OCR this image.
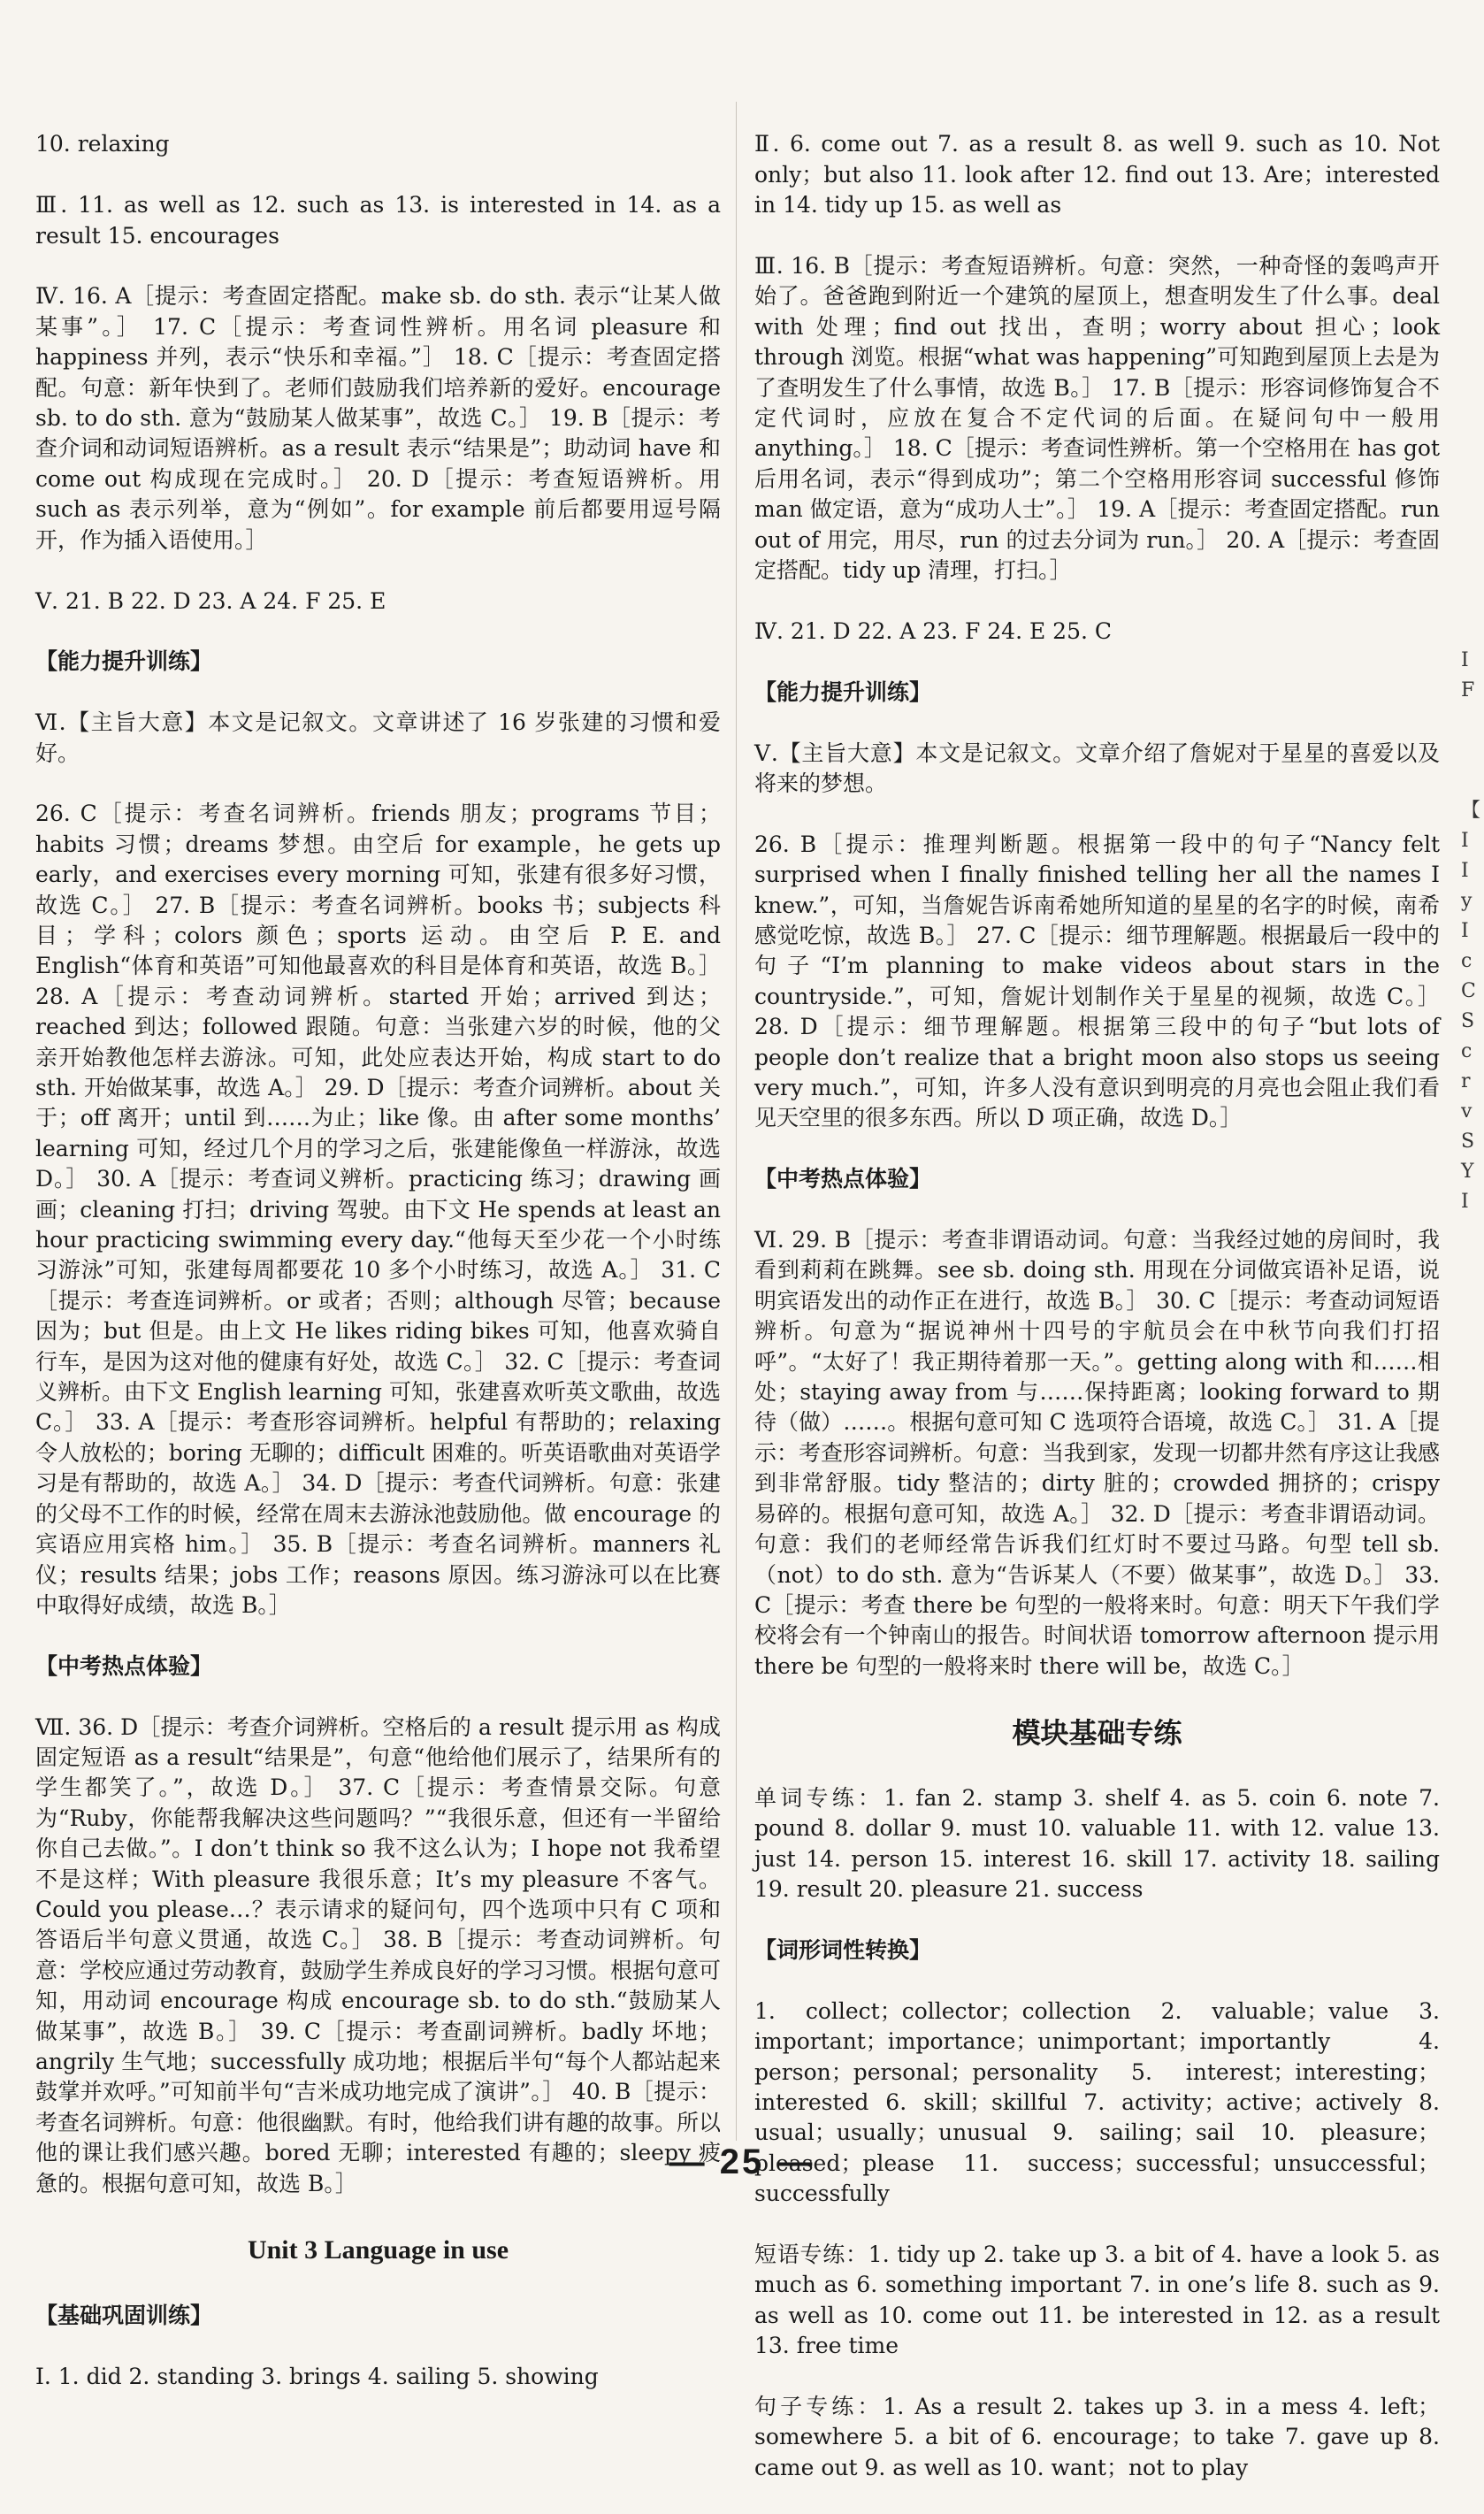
10. relaxing

Ⅲ. 11. as well as 12. such as 13. is interested in 14. as a result 15. encourages

Ⅳ. 16. A［提示：考查固定搭配。make sb. do sth. 表示“让某人做某事”。］ 17. C［提示：考查词性辨析。用名词 pleasure 和 happiness 并列，表示“快乐和幸福。”］ 18. C［提示：考查固定搭配。句意：新年快到了。老师们鼓励我们培养新的爱好。encourage sb. to do sth. 意为“鼓励某人做某事”，故选 C。］ 19. B［提示：考查介词和动词短语辨析。as a result 表示“结果是”；助动词 have 和 come out 构成现在完成时。］ 20. D［提示：考查短语辨析。用 such as 表示列举，意为“例如”。for example 前后都要用逗号隔开，作为插入语使用。］

Ⅴ. 21. B 22. D 23. A 24. F 25. E

【能力提升训练】

Ⅵ.【主旨大意】本文是记叙文。文章讲述了 16 岁张建的习惯和爱好。

26. C［提示：考查名词辨析。friends 朋友；programs 节目；habits 习惯；dreams 梦想。由空后 for example，he gets up early，and exercises every morning 可知，张建有很多好习惯，故选 C。］ 27. B［提示：考查名词辨析。books 书；subjects 科目；学科；colors 颜色；sports 运动。由空后 P. E. and English“体育和英语”可知他最喜欢的科目是体育和英语，故选 B。］ 28. A［提示：考查动词辨析。started 开始；arrived 到达；reached 到达；followed 跟随。句意：当张建六岁的时候，他的父亲开始教他怎样去游泳。可知，此处应表达开始，构成 start to do sth. 开始做某事，故选 A。］ 29. D［提示：考查介词辨析。about 关于；off 离开；until 到……为止；like 像。由 after some months’ learning 可知，经过几个月的学习之后，张建能像鱼一样游泳，故选 D。］ 30. A［提示：考查词义辨析。practicing 练习；drawing 画画；cleaning 打扫；driving 驾驶。由下文 He spends at least an hour practicing swimming every day.“他每天至少花一个小时练习游泳”可知，张建每周都要花 10 多个小时练习，故选 A。］ 31. C［提示：考查连词辨析。or 或者；否则；although 尽管；because 因为；but 但是。由上文 He likes riding bikes 可知，他喜欢骑自行车，是因为这对他的健康有好处，故选 C。］ 32. C［提示：考查词义辨析。由下文 English learning 可知，张建喜欢听英文歌曲，故选 C。］ 33. A［提示：考查形容词辨析。helpful 有帮助的；relaxing 令人放松的；boring 无聊的；difficult 困难的。听英语歌曲对英语学习是有帮助的，故选 A。］ 34. D［提示：考查代词辨析。句意：张建的父母不工作的时候，经常在周末去游泳池鼓励他。做 encourage 的宾语应用宾格 him。］ 35. B［提示：考查名词辨析。manners 礼仪；results 结果；jobs 工作；reasons 原因。练习游泳可以在比赛中取得好成绩，故选 B。］

【中考热点体验】

Ⅶ. 36. D［提示：考查介词辨析。空格后的 a result 提示用 as 构成固定短语 as a result“结果是”，句意“他给他们展示了，结果所有的学生都笑了。”，故选 D。］ 37. C［提示：考查情景交际。句意为“Ruby，你能帮我解决这些问题吗？”“我很乐意，但还有一半留给你自己去做。”。I don’t think so 我不这么认为；I hope not 我希望不是这样；With pleasure 我很乐意；It’s my pleasure 不客气。Could you please…？表示请求的疑问句，四个选项中只有 C 项和答语后半句意义贯通，故选 C。］ 38. B［提示：考查动词辨析。句意：学校应通过劳动教育，鼓励学生养成良好的学习习惯。根据句意可知，用动词 encourage 构成 encourage sb. to do sth.“鼓励某人做某事”，故选 B。］ 39. C［提示：考查副词辨析。badly 坏地；angrily 生气地；successfully 成功地；根据后半句“每个人都站起来鼓掌并欢呼。”可知前半句“吉米成功地完成了演讲”。］ 40. B［提示：考查名词辨析。句意：他很幽默。有时，他给我们讲有趣的故事。所以他的课让我们感兴趣。bored 无聊；interested 有趣的；sleepy 疲惫的。根据句意可知，故选 B。］

Unit 3 Language in use

【基础巩固训练】

Ⅰ. 1. did 2. standing 3. brings 4. sailing 5. showing

Ⅱ. 6. come out 7. as a result 8. as well 9. such as 10. Not only；but also 11. look after 12. find out 13. Are；interested in 14. tidy up 15. as well as

Ⅲ. 16. B［提示：考查短语辨析。句意：突然，一种奇怪的轰鸣声开始了。爸爸跑到附近一个建筑的屋顶上，想查明发生了什么事。deal with 处理；find out 找出，查明；worry about 担心；look through 浏览。根据“what was happening”可知跑到屋顶上去是为了查明发生了什么事情，故选 B。］ 17. B［提示：形容词修饰复合不定代词时，应放在复合不定代词的后面。在疑问句中一般用 anything。］ 18. C［提示：考查词性辨析。第一个空格用在 has got 后用名词，表示“得到成功”；第二个空格用形容词 successful 修饰 man 做定语，意为“成功人士”。］ 19. A［提示：考查固定搭配。run out of 用完，用尽，run 的过去分词为 run。］ 20. A［提示：考查固定搭配。tidy up 清理，打扫。］

Ⅳ. 21. D 22. A 23. F 24. E 25. C

【能力提升训练】

Ⅴ.【主旨大意】本文是记叙文。文章介绍了詹妮对于星星的喜爱以及将来的梦想。

26. B［提示：推理判断题。根据第一段中的句子“Nancy felt surprised when I finally finished telling her all the names I knew.”，可知，当詹妮告诉南希她所知道的星星的名字的时候，南希感觉吃惊，故选 B。］ 27. C［提示：细节理解题。根据最后一段中的句子“I’m planning to make videos about stars in the countryside.”，可知，詹妮计划制作关于星星的视频，故选 C。］ 28. D［提示：细节理解题。根据第三段中的句子“but lots of people don’t realize that a bright moon also stops us seeing very much.”，可知，许多人没有意识到明亮的月亮也会阻止我们看见天空里的很多东西。所以 D 项正确，故选 D。］

【中考热点体验】

Ⅵ. 29. B［提示：考查非谓语动词。句意：当我经过她的房间时，我看到莉莉在跳舞。see sb. doing sth. 用现在分词做宾语补足语，说明宾语发出的动作正在进行，故选 B。］ 30. C［提示：考查动词短语辨析。句意为“据说神州十四号的宇航员会在中秋节向我们打招呼”。“太好了！我正期待着那一天。”。getting along with 和……相处；staying away from 与……保持距离；looking forward to 期待（做）……。根据句意可知 C 选项符合语境，故选 C。］ 31. A［提示：考查形容词辨析。句意：当我到家，发现一切都井然有序这让我感到非常舒服。tidy 整洁的；dirty 脏的；crowded 拥挤的；crispy 易碎的。根据句意可知，故选 A。］ 32. D［提示：考查非谓语动词。句意：我们的老师经常告诉我们红灯时不要过马路。句型 tell sb.（not）to do sth. 意为“告诉某人（不要）做某事”，故选 D。］ 33. C［提示：考查 there be 句型的一般将来时。句意：明天下午我们学校将会有一个钟南山的报告。时间状语 tomorrow afternoon 提示用 there be 句型的一般将来时 there will be，故选 C。］

模块基础专练

单词专练：1. fan 2. stamp 3. shelf 4. as 5. coin 6. note 7. pound 8. dollar 9. must 10. valuable 11. with 12. value 13. just 14. person 15. interest 16. skill 17. activity 18. sailing 19. result 20. pleasure 21. success

【词形词性转换】

1. collect；collector；collection 2. valuable；value 3. important；importance；unimportant；importantly 4. person；personal；personality 5. interest；interesting；interested 6. skill；skillful 7. activity；active；actively 8. usual；usually；unusual 9. sailing；sail 10. pleasure；pleased；please 11. success；successful；unsuccessful；successfully

短语专练：1. tidy up 2. take up 3. a bit of 4. have a look 5. as much as 6. something important 7. in one’s life 8. such as 9. as well as 10. come out 11. be interested in 12. as a result 13. free time

句子专练：1. As a result 2. takes up 3. in a mess 4. left；somewhere 5. a bit of 6. encourage；to take 7. gave up 8. came out 9. as well as 10. want；not to play

I
F

【
I
I
y
I
c
C
S
c
r
v
S
Y
I
— 25 —
